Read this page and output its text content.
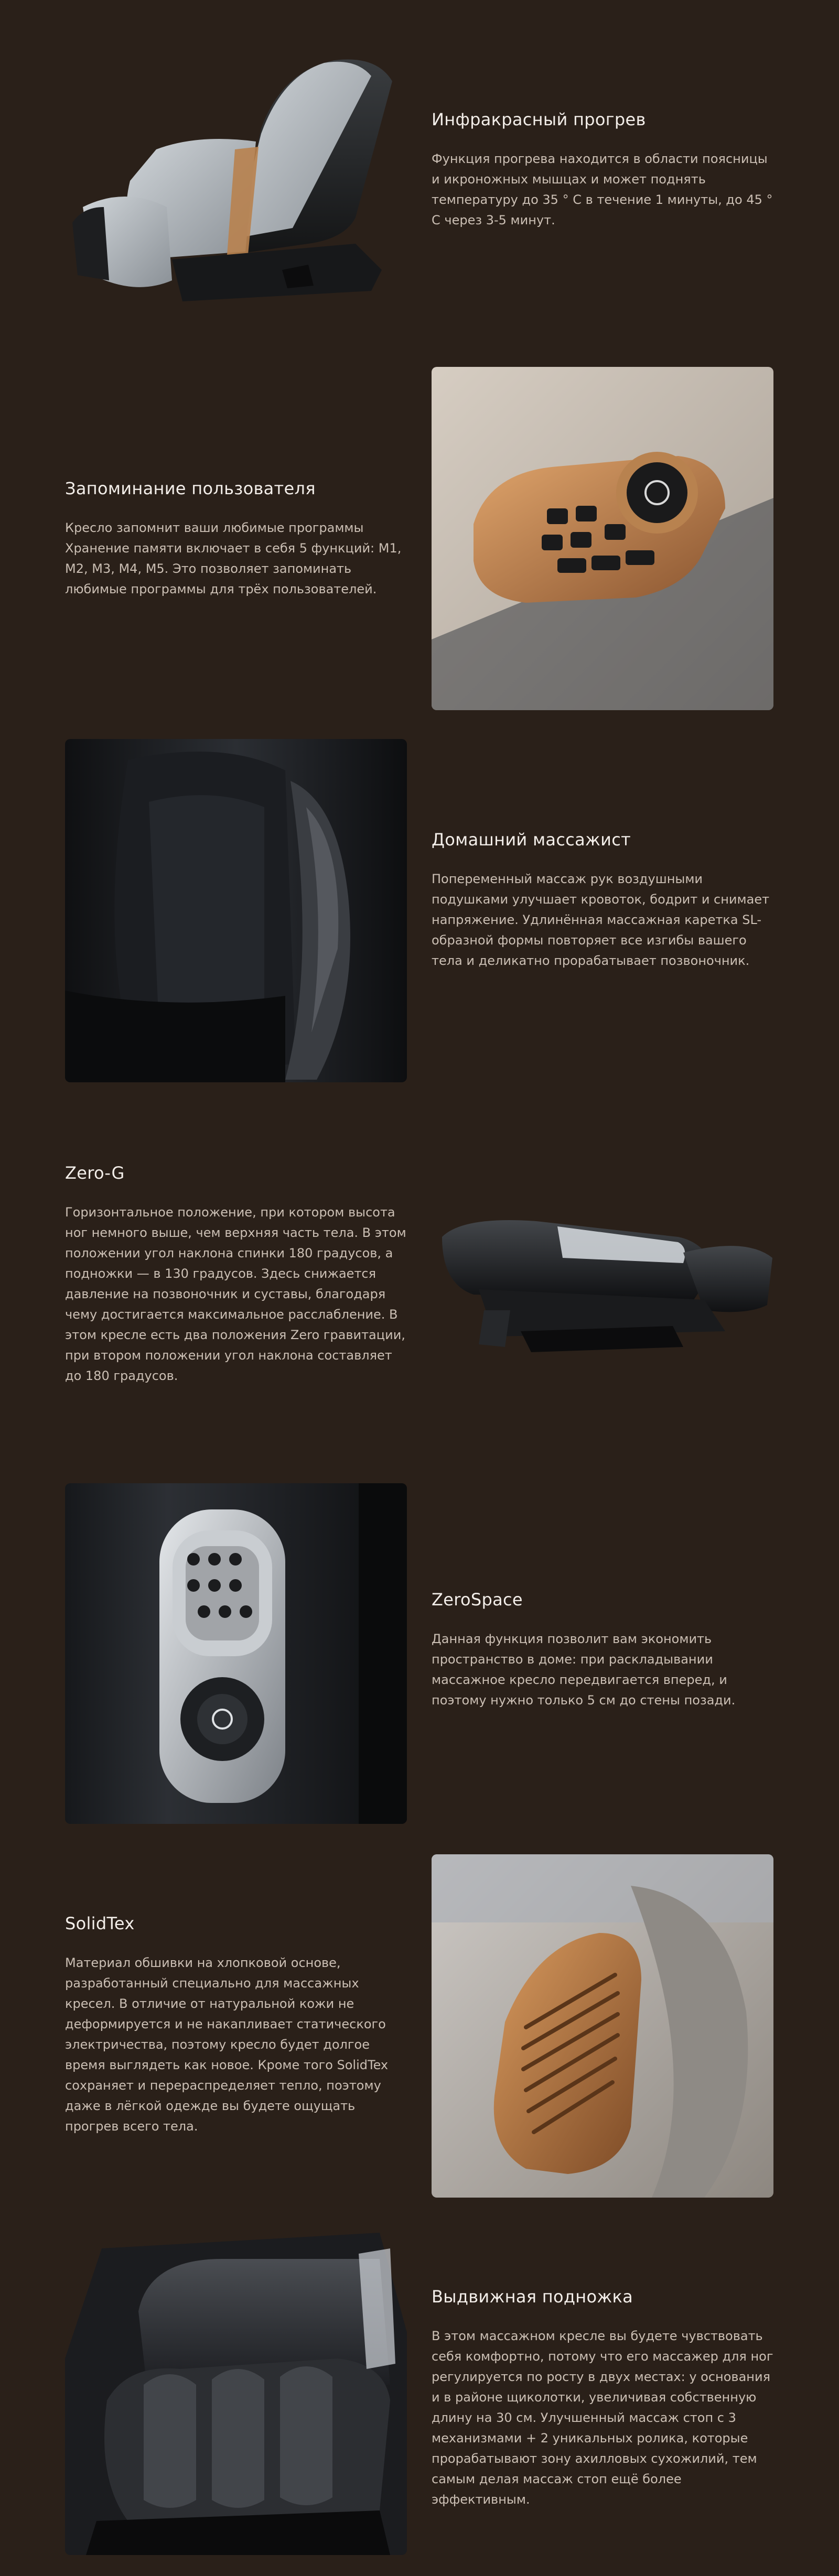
Инфракрасный прогрев

Функция прогрева находится в области поясницы и икроножных мышцах и может поднять температуру до 35 ° С в течение 1 минуты, до 45 ° С через 3-5 минут.

Запоминание пользователя

Кресло запомнит ваши любимые программы Хранение памяти включает в себя 5 функций: M1, M2, M3, M4, M5. Это позволяет запоминать любимые программы для трёх пользователей.

Домашний массажист

Попеременный массаж рук воздушными подушками улучшает кровоток, бодрит и снимает напряжение. Удлинённая массажная каретка SL-образной формы повторяет все изгибы вашего тела и деликатно прорабатывает позвоночник.

Zero-G

Горизонтальное положение, при котором высота ног немного выше, чем верхняя часть тела. В этом положении угол наклона спинки 180 градусов, а подножки — в 130 градусов. Здесь снижается давление на позвоночник и суставы, благодаря чему достигается максимальное расслабление. В этом кресле есть два положения Zero гравитации, при втором положении угол наклона составляет до 180 градусов.

ZeroSpace

Данная функция позволит вам экономить пространство в доме: при раскладывании массажное кресло передвигается вперед, и поэтому нужно только 5 см до стены позади.

SolidTex

Материал обшивки на хлопковой основе, разработанный специально для массажных кресел. В отличие от натуральной кожи не деформируется и не накапливает статического электричества, поэтому кресло будет долгое время выглядеть как новое. Кроме того SolidTex сохраняет и перераспределяет тепло, поэтому даже в лёгкой одежде вы будете ощущать прогрев всего тела.

Выдвижная подножка

В этом массажном кресле вы будете чувствовать себя комфортно, потому что его массажер для ног регулируется по росту в двух местах: у основания и в районе щиколотки, увеличивая собственную длину на 30 см. Улучшенный массаж стоп с 3 механизмами + 2 уникальных ролика, которые прорабатывают зону ахилловых сухожилий, тем самым делая массаж стоп ещё более эффективным.
